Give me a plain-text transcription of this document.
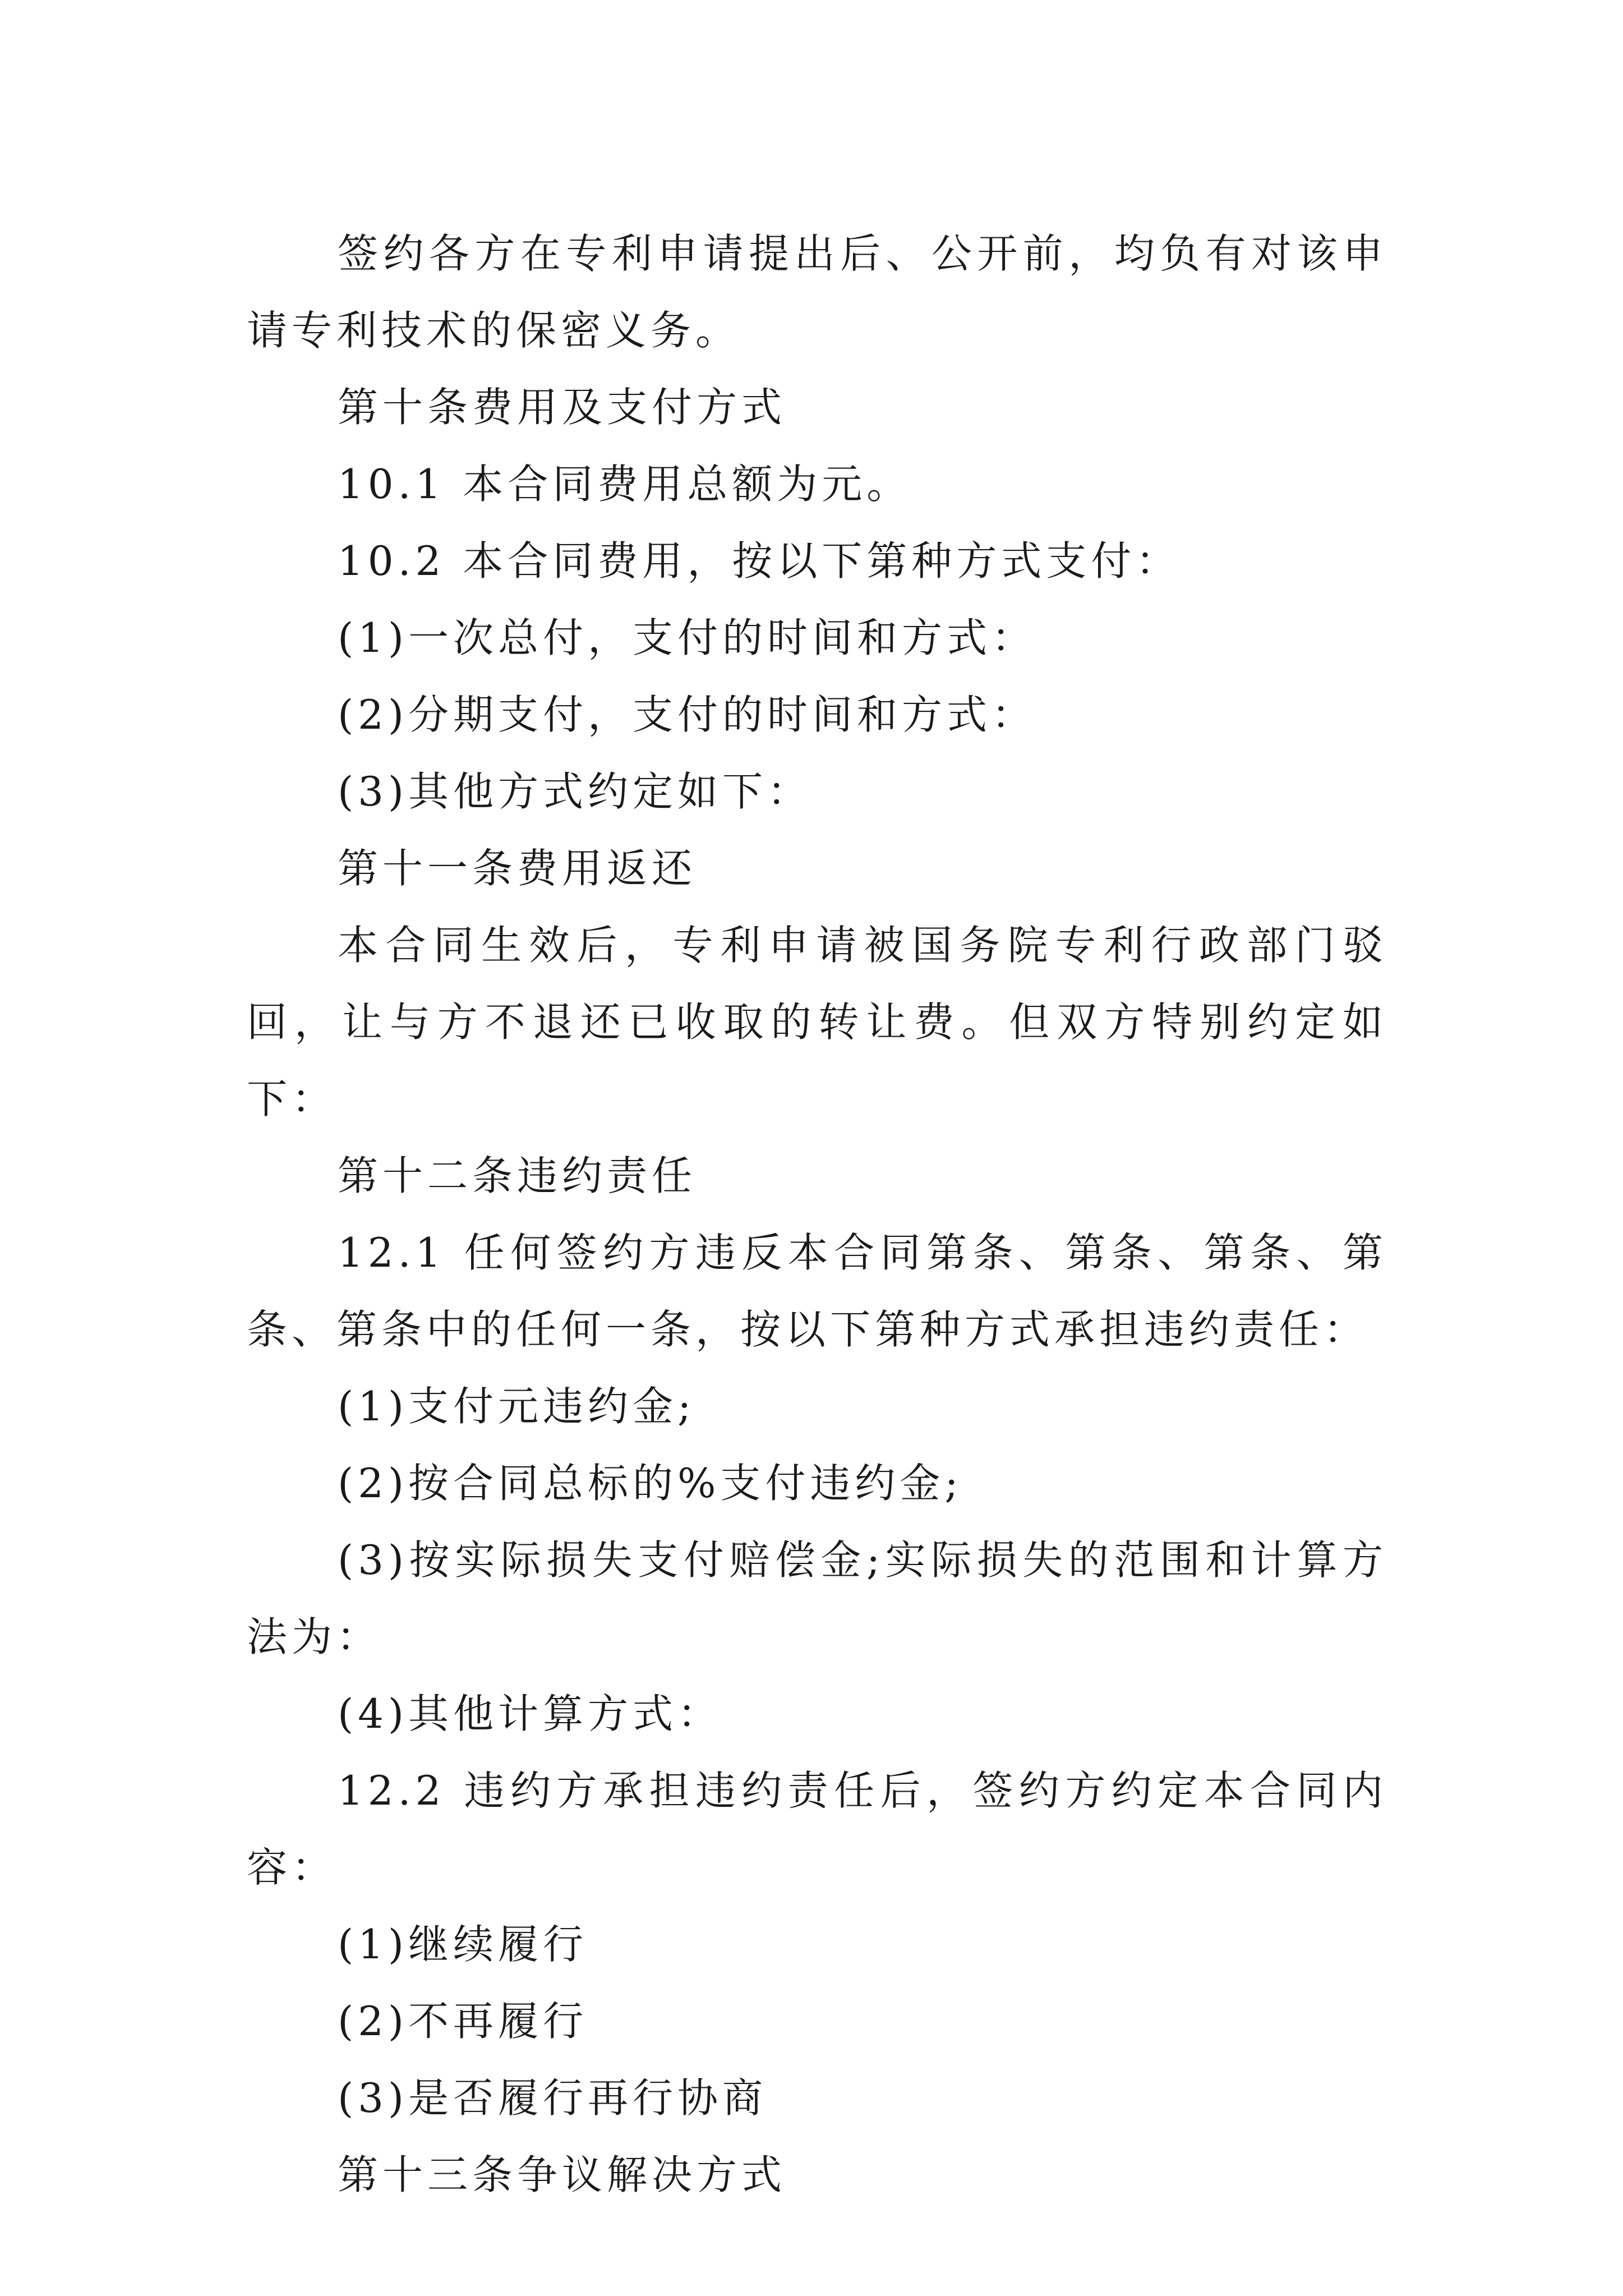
签约各方在专利申请提出后、公开前，均负有对该申请专利技术的保密义务。

第十条费用及支付方式

10.1 本合同费用总额为元。

10.2 本合同费用，按以下第种方式支付：

(1)一次总付，支付的时间和方式：

(2)分期支付，支付的时间和方式：

(3)其他方式约定如下：

第十一条费用返还

本合同生效后，专利申请被国务院专利行政部门驳回，让与方不退还已收取的转让费。但双方特别约定如下：

第十二条违约责任

12.1 任何签约方违反本合同第条、第条、第条、第条、第条中的任何一条，按以下第种方式承担违约责任：

(1)支付元违约金;

(2)按合同总标的%支付违约金;

(3)按实际损失支付赔偿金;实际损失的范围和计算方法为：

(4)其他计算方式：

12.2 违约方承担违约责任后，签约方约定本合同内容：

(1)继续履行

(2)不再履行

(3)是否履行再行协商

第十三条争议解决方式
